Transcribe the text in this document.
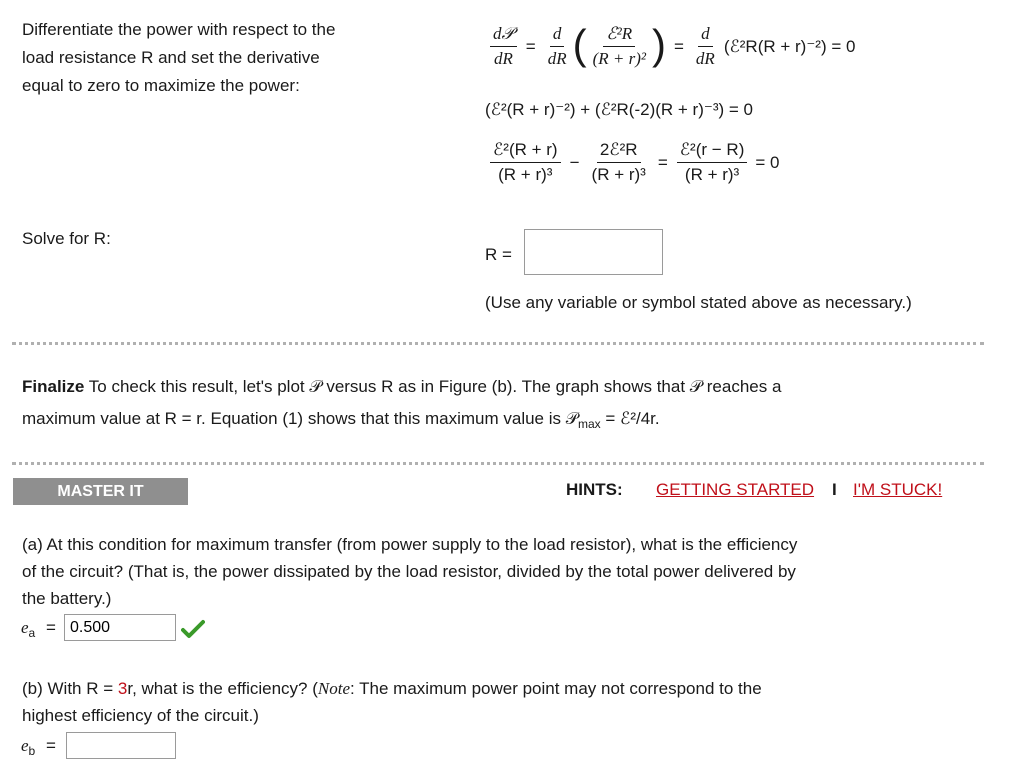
Differentiate the power with respect to the
load resistance R and set the derivative
equal to zero to maximize the power:
$\frac{\text{d𝒫}}{dR} = \frac{d}{dR}$ ( $\frac{\text{ℰ²R}}{\text{(R + r)²}}$ ) = $\frac{d}{dR}$ (ℰ²R(R + r)⁻²) = 0
(ℰ²(R + r)⁻²) + (ℰ²R(-2)(R + r)⁻³) = 0
$\frac{\text{ℰ²(R + r)}}{\text{(R + r)³}} - \frac{\text{2ℰ²R}}{\text{(R + r)³}} = \frac{\text{ℰ²(r − R)}}{\text{(R + r)³}} = 0$
Solve for R:
R =
(Use any variable or symbol stated above as necessary.)
Finalize To check this result, let's plot 𝒫 versus R as in Figure (b). The graph shows that 𝒫 reaches a
maximum value at R = r. Equation (1) shows that this maximum value is 𝒫$_{max}$ = ℰ²/4r.
MASTER IT	HINTS: GETTING STARTED I I'M STUCK!
(a) At this condition for maximum transfer (from power supply to the load resistor), what is the efficiency
of the circuit? (That is, the power dissipated by the load resistor, divided by the total power delivered by
the battery.)
$e_a$ =
0.500
(b) With R = 3r, what is the efficiency? (Note: The maximum power point may not correspond to the
highest efficiency of the circuit.)
$e_b$ =
